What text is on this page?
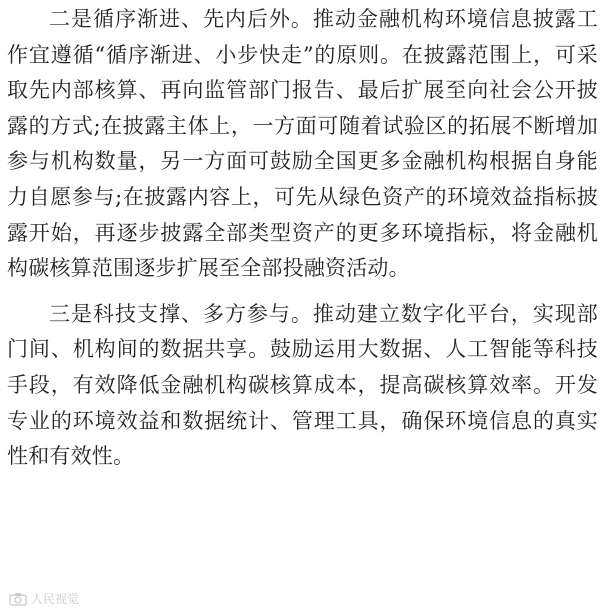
二是循序渐进、先内后外。推动金融机构环境信息披露工作宜遵循“循序渐进、小步快走”的原则。在披露范围上，可采取先内部核算、再向监管部门报告、最后扩展至向社会公开披露的方式;在披露主体上，一方面可随着试验区的拓展不断增加参与机构数量，另一方面可鼓励全国更多金融机构根据自身能力自愿参与;在披露内容上，可先从绿色资产的环境效益指标披露开始，再逐步披露全部类型资产的更多环境指标，将金融机构碳核算范围逐步扩展至全部投融资活动。

三是科技支撑、多方参与。推动建立数字化平台，实现部门间、机构间的数据共享。鼓励运用大数据、人工智能等科技手段，有效降低金融机构碳核算成本，提高碳核算效率。开发专业的环境效益和数据统计、管理工具，确保环境信息的真实性和有效性。

人民视觉
